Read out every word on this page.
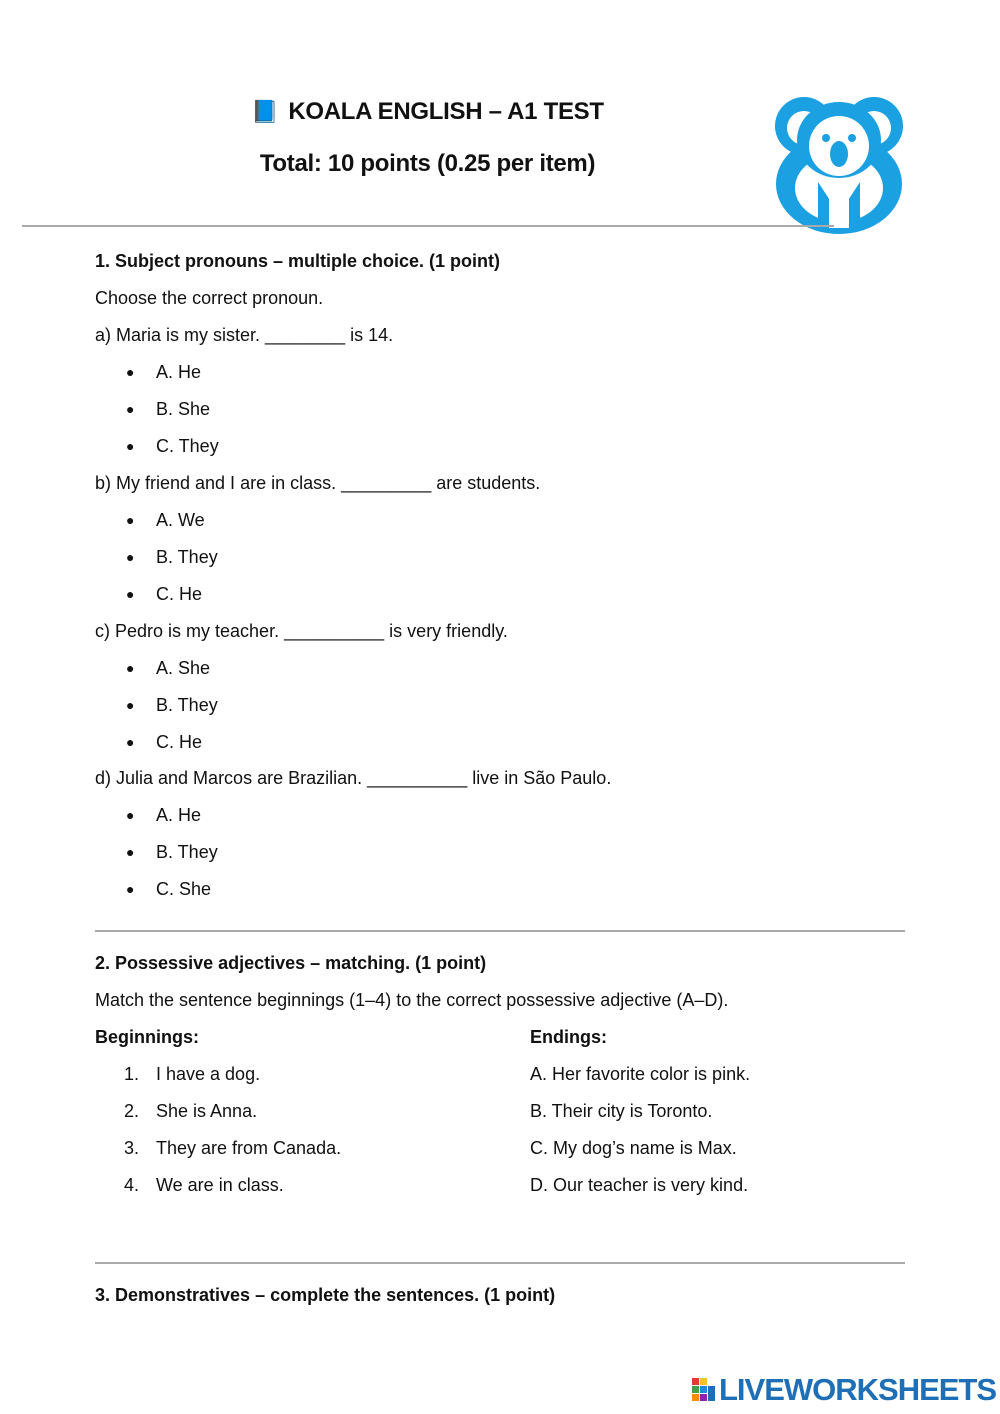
📘 KOALA ENGLISH – A1 TEST
Total: 10 points (0.25 per item)
1. Subject pronouns – multiple choice. (1 point)
Choose the correct pronoun.
a) Maria is my sister. ________ is 14.
● A. He
● B. She
● C. They
b) My friend and I are in class. _________ are students.
● A. We
● B. They
● C. He
c) Pedro is my teacher. __________ is very friendly.
● A. She
● B. They
● C. He
d) Julia and Marcos are Brazilian. __________ live in São Paulo.
● A. He
● B. They
● C. She
2. Possessive adjectives – matching. (1 point)
Match the sentence beginnings (1–4) to the correct possessive adjective (A–D).
Beginnings:	Endings:
1. I have a dog.
2. She is Anna.
3. They are from Canada.
4. We are in class.
A. Her favorite color is pink.
B. Their city is Toronto.
C. My dog’s name is Max.
D. Our teacher is very kind.
3. Demonstratives – complete the sentences. (1 point)
LIVEWORKSHEETS
